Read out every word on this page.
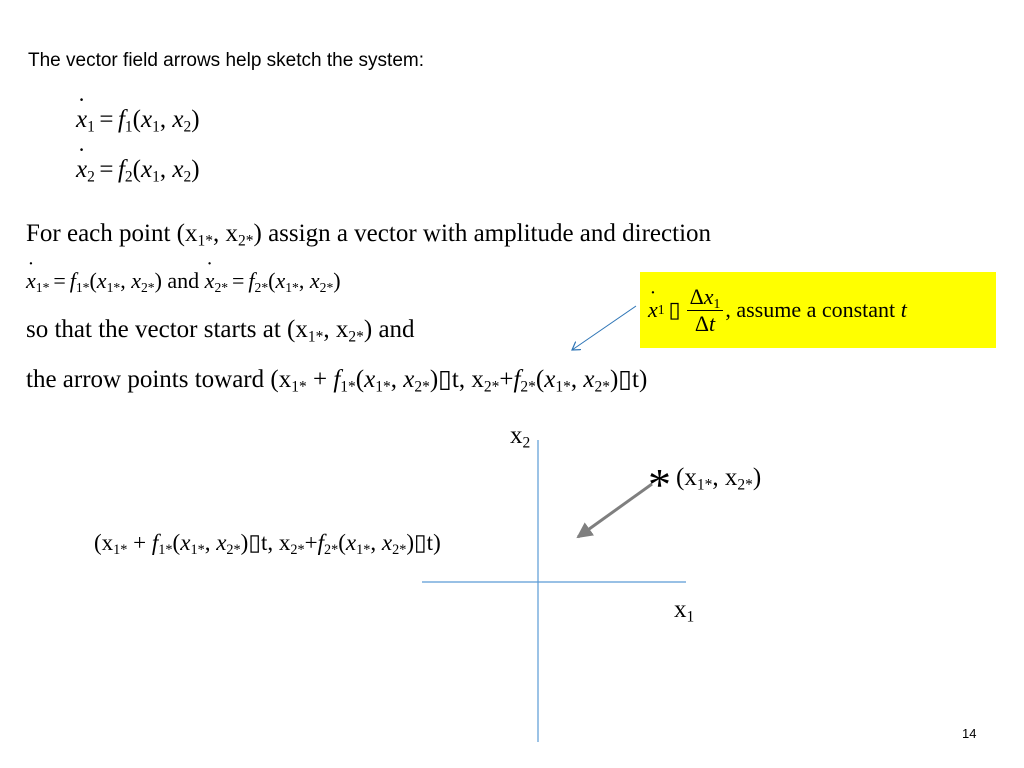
The vector field arrows help sketch the system:
x $˙_1 = f_1(x_1$, $x_2$)
x $˙_2 = f_2(x_1$, $x_2$)
For each point ($x_{1*}$, $x_{2*}$) assign a vector with amplitude and direction
x $˙_{1*} = f_{1*}(x_{1*}$, $x_{2*}$) and x $˙_{2*} = f_{2*}(x_{1*}$, $x_{2*}$)
so that the vector starts at ($x_{1*}$, $x_{2*}$) and
the arrow points toward ($x_{1*} + f_{1*}(x_{1*}$, $x_{2*})▯t$, $x_{2*}+f_{2*}(x_{1*}$, $x_{2*})▯t$)
x ˙ 1 ▯ $\frac{\Delta x_1}{\Delta t}$ , assume a constant
t
$x_2$
$x_1$
* ($x_{1*}$, $x_{2*}$)
($x_{1*} + f_{1*}(x_{1*}$, $x_{2*})▯t$, $x_{2*}+f_{2*}(x_{1*}$, $x_{2*})▯t$)
14
